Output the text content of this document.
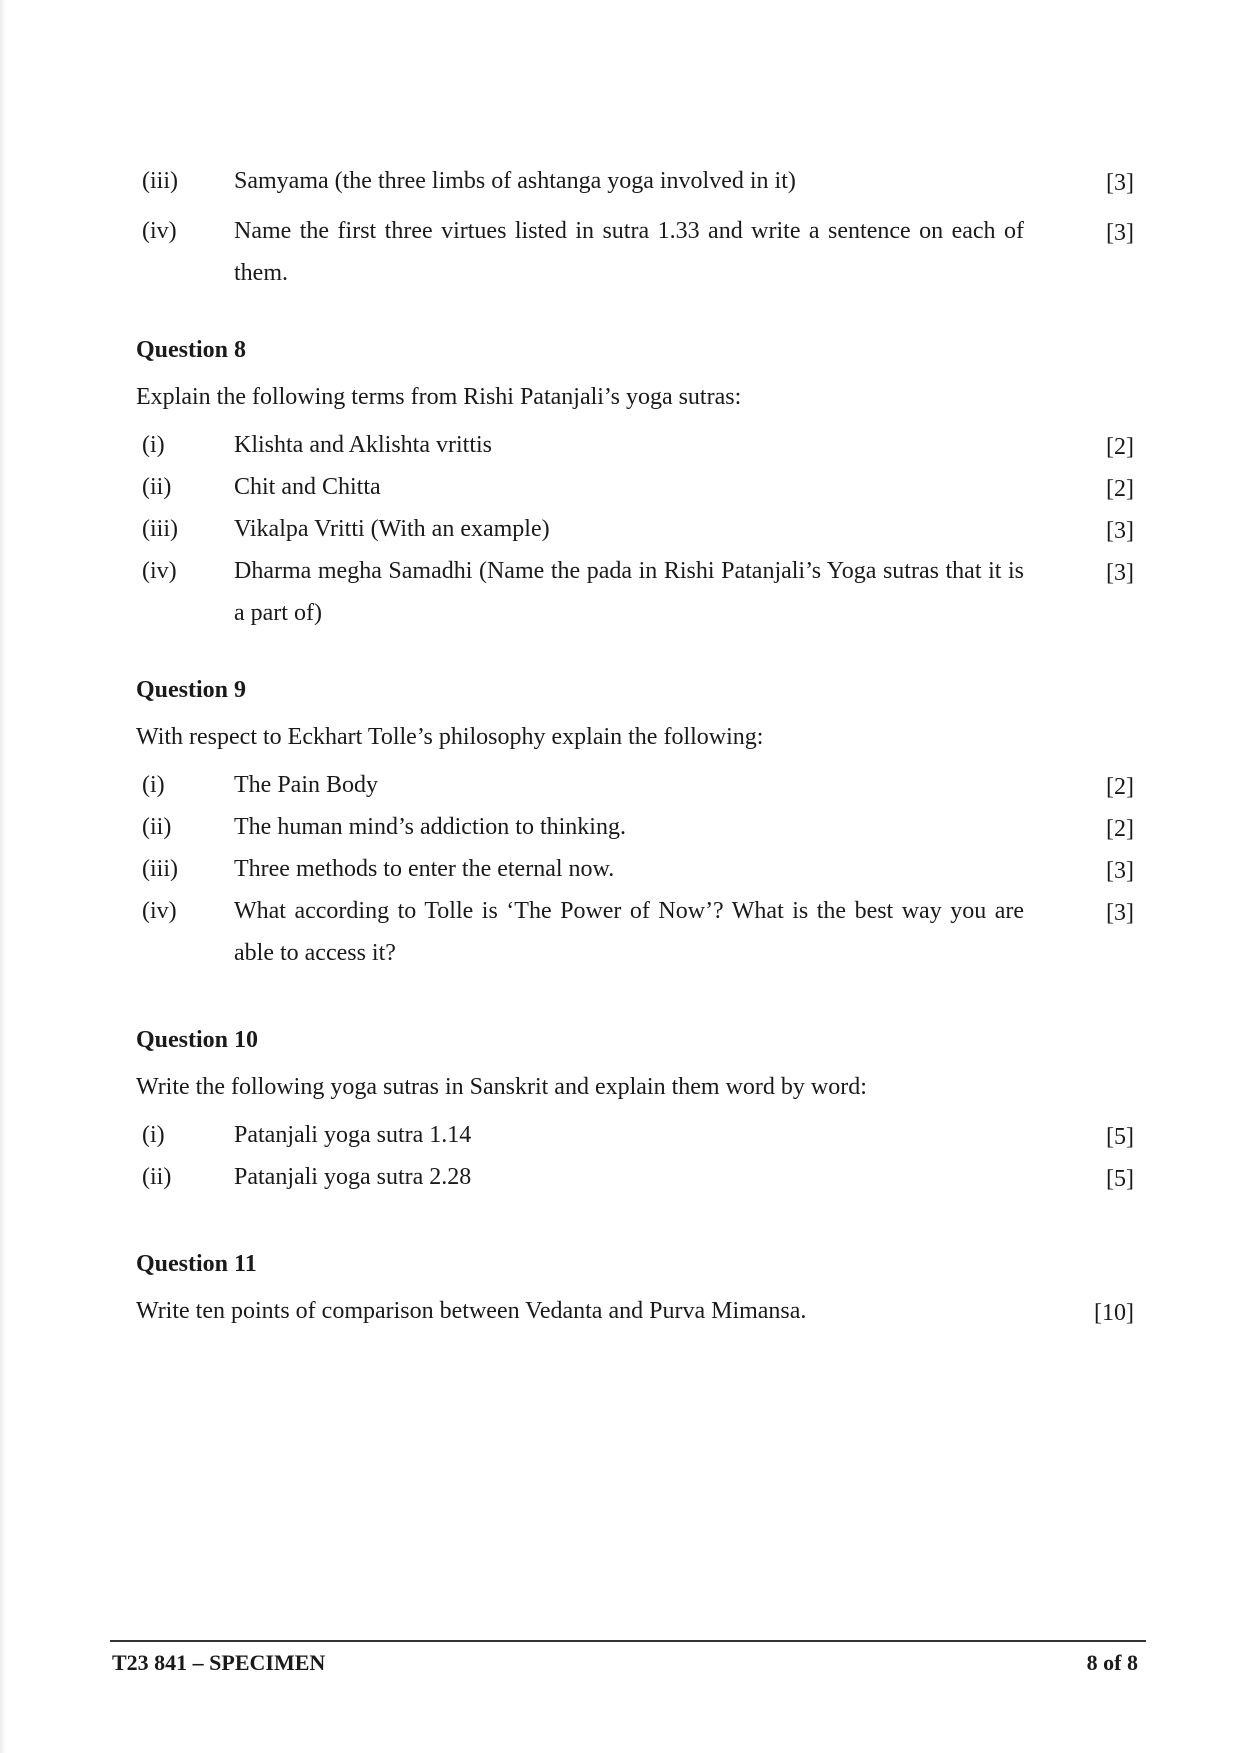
(iii) Samyama (the three limbs of ashtanga yoga involved in it)	[3]
(iv) Name the first three virtues listed in sutra 1.33 and write a sentence on each of them.
[3]
Question 8
Explain the following terms from Rishi Patanjali’s yoga sutras:
(i)	Klishta and Aklishta vrittis	[2]
(ii)	Chit and Chitta	[2]
(iii) Vikalpa Vritti (With an example)	[3]
(iv) Dharma megha Samadhi (Name the pada in Rishi Patanjali’s Yoga sutras that it is a part of)
[3]
Question 9
With respect to Eckhart Tolle’s philosophy explain the following:
(i)	The Pain Body	[2]
(ii)	The human mind’s addiction to thinking.	[2]
(iii) Three methods to enter the eternal now.	[3]
(iv) What according to Tolle is ‘The Power of Now’? What is the best way you are able to access it?
[3]
Question 10
Write the following yoga sutras in Sanskrit and explain them word by word:
(i)	Patanjali yoga sutra 1.14	[5]
(ii)	Patanjali yoga sutra 2.28	[5]
Question 11
Write ten points of comparison between Vedanta and Purva Mimansa.	[10]
T23 841 – SPECIMEN	8 of 8
